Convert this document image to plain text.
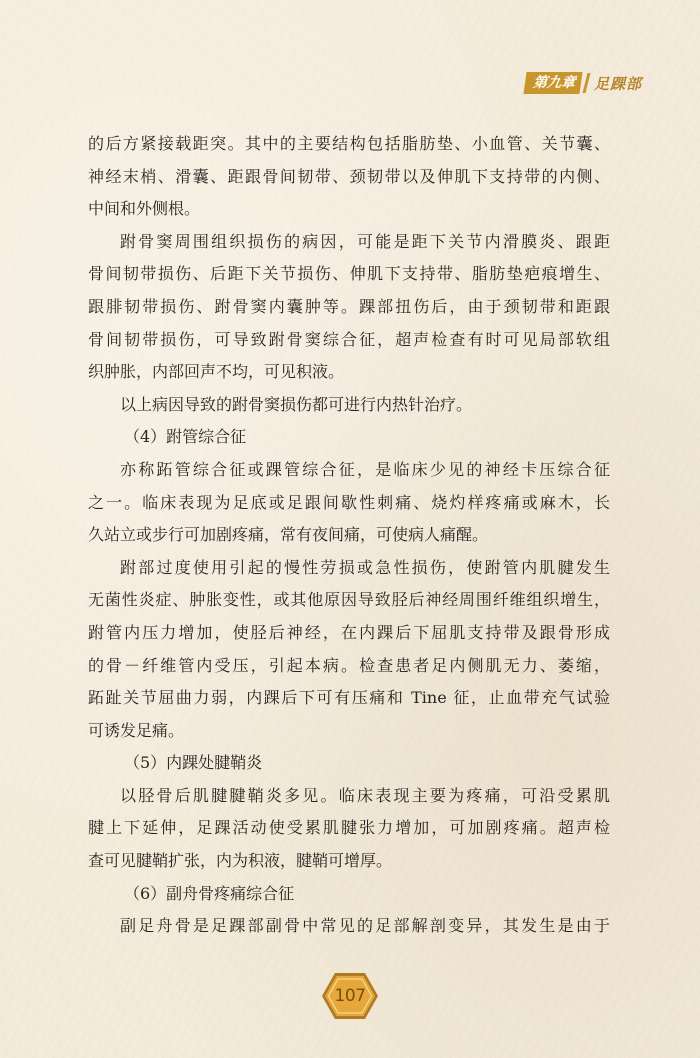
第九章	足踝部
的后方紧接载距突。其中的主要结构包括脂肪垫、小血管、关节囊、
神经末梢、滑囊、距跟骨间韧带、颈韧带以及伸肌下支持带的内侧、
中间和外侧根。
跗骨窦周围组织损伤的病因，可能是距下关节内滑膜炎、跟距
骨间韧带损伤、后距下关节损伤、伸肌下支持带、脂肪垫疤痕增生、
跟腓韧带损伤、跗骨窦内囊肿等。踝部扭伤后，由于颈韧带和距跟
骨间韧带损伤，可导致跗骨窦综合征，超声检查有时可见局部软组
织肿胀，内部回声不均，可见积液。
以上病因导致的跗骨窦损伤都可进行内热针治疗。
（4）跗管综合征
亦称跖管综合征或踝管综合征，是临床少见的神经卡压综合征
之一。临床表现为足底或足跟间歇性刺痛、烧灼样疼痛或麻木，长
久站立或步行可加剧疼痛，常有夜间痛，可使病人痛醒。
跗部过度使用引起的慢性劳损或急性损伤，使跗管内肌腱发生
无菌性炎症、肿胀变性，或其他原因导致胫后神经周围纤维组织增生，
跗管内压力增加，使胫后神经，在内踝后下屈肌支持带及跟骨形成
的骨－纤维管内受压，引起本病。检查患者足内侧肌无力、萎缩，
跖趾关节屈曲力弱，内踝后下可有压痛和 Tine 征，止血带充气试验
可诱发足痛。
（5）内踝处腱鞘炎
以胫骨后肌腱腱鞘炎多见。临床表现主要为疼痛，可沿受累肌
腱上下延伸，足踝活动使受累肌腱张力增加，可加剧疼痛。超声检
查可见腱鞘扩张，内为积液，腱鞘可增厚。
（6）副舟骨疼痛综合征
副足舟骨是足踝部副骨中常见的足部解剖变异，其发生是由于
107
